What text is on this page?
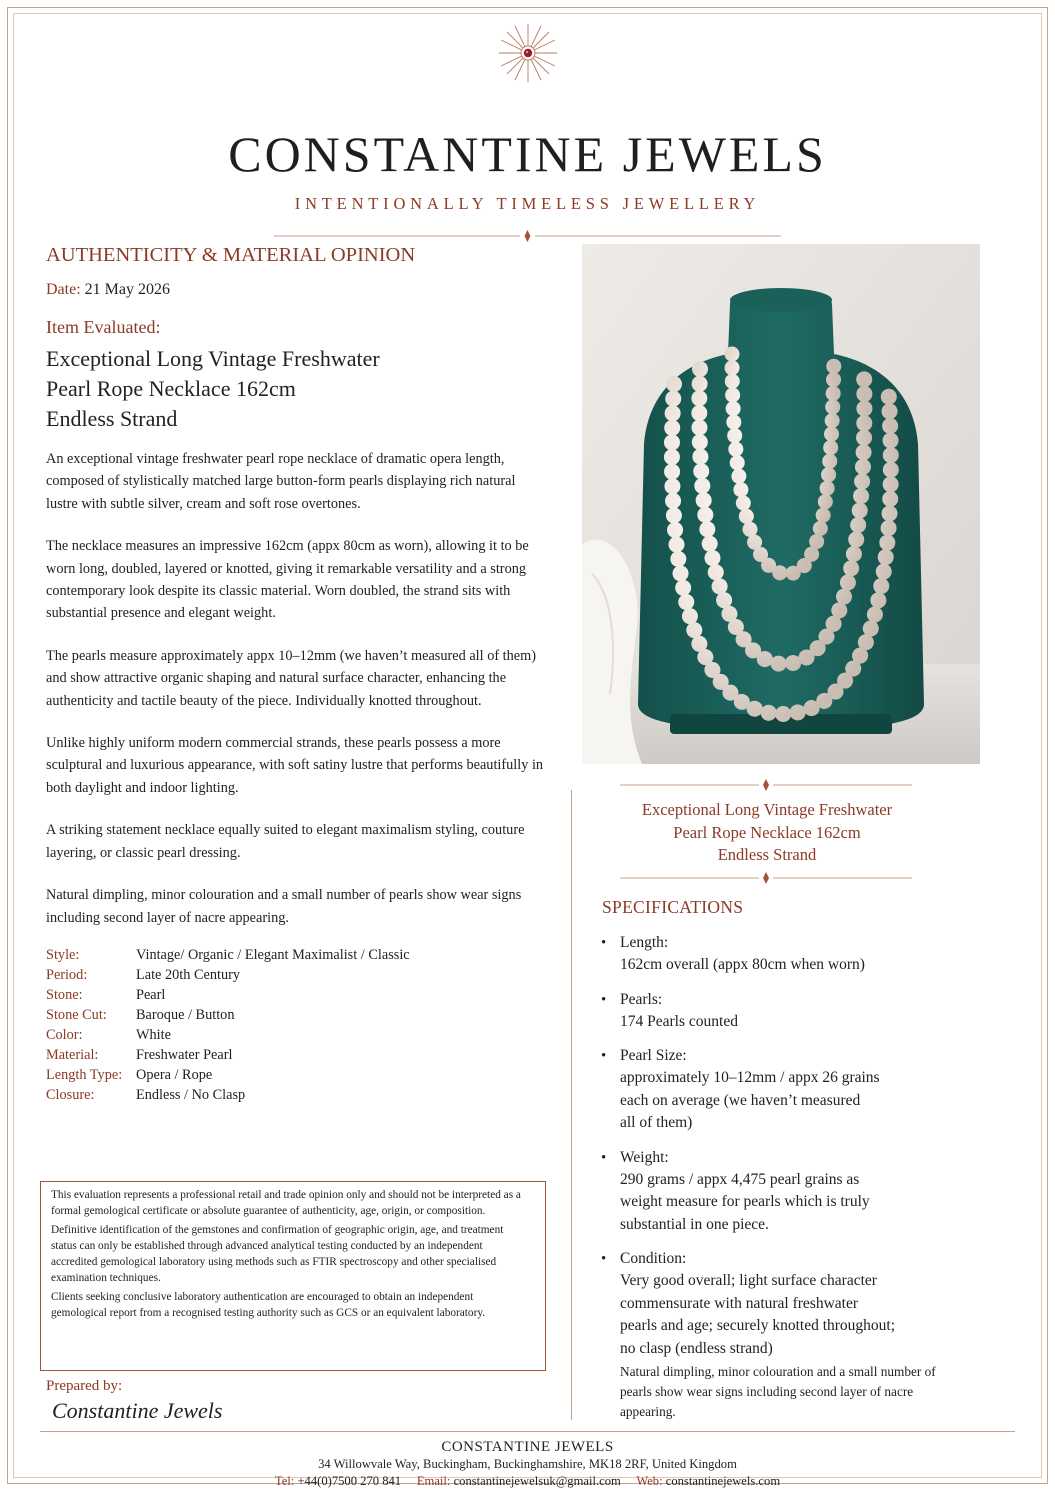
CONSTANTINE JEWELS
INTENTIONALLY TIMELESS JEWELLERY
AUTHENTICITY & MATERIAL OPINION
Date: 21 May 2026
Item Evaluated:
Exceptional Long Vintage Freshwater
Pearl Rope Necklace 162cm
Endless Strand

An exceptional vintage freshwater pearl rope necklace of dramatic opera length, composed of stylistically matched large button-form pearls displaying rich natural lustre with subtle silver, cream and soft rose overtones.

The necklace measures an impressive 162cm (appx 80cm as worn), allowing it to be worn long, doubled, layered or knotted, giving it remarkable versatility and a strong contemporary look despite its classic material. Worn doubled, the strand sits with substantial presence and elegant weight.

The pearls measure approximately appx 10–12mm (we haven’t measured all of them) and show attractive organic shaping and natural surface character, enhancing the authenticity and tactile beauty of the piece. Individually knotted throughout.

Unlike highly uniform modern commercial strands, these pearls possess a more sculptural and luxurious appearance, with soft satiny lustre that performs beautifully in both daylight and indoor lighting.

A striking statement necklace equally suited to elegant maximalism styling, couture layering, or classic pearl dressing.

Natural dimpling, minor colouration and a small number of pearls show wear signs including second layer of nacre appearing.

Style:	Vintage/ Organic / Elegant Maximalist / Classic
Period:	Late 20th Century
Stone:	Pearl
Stone Cut:	Baroque / Button
Color:	White
Material:	Freshwater Pearl
Length Type: Opera / Rope
Closure:	Endless / No Clasp

This evaluation represents a professional retail and trade opinion only and should not be interpreted as a formal gemological certificate or absolute guarantee of authenticity, age, origin, or composition.

Definitive identification of the gemstones and confirmation of geographic origin, age, and treatment status can only be established through advanced analytical testing conducted by an independent accredited gemological laboratory using methods such as FTIR spectroscopy and other specialised examination techniques.

Clients seeking conclusive laboratory authentication are encouraged to obtain an independent gemological report from a recognised testing authority such as GCS or an equivalent laboratory.

Prepared by:
Constantine Jewels
Exceptional Long Vintage Freshwater
Pearl Rope Necklace 162cm
Endless Strand
SPECIFICATIONS
• Length:
162cm overall (appx 80cm when worn)
• Pearls:
174 Pearls counted
• Pearl Size:
approximately 10–12mm / appx 26 grains
each on average (we haven’t measured
all of them)
• Weight:
290 grams / appx 4,475 pearl grains as
weight measure for pearls which is truly
substantial in one piece.
• Condition:
Very good overall; light surface character
commensurate with natural freshwater
pearls and age; securely knotted throughout;
no clasp (endless strand)
Natural dimpling, minor colouration and a small number of pearls show wear signs including second layer of nacre appearing.
CONSTANTINE JEWELS
34 Willowvale Way, Buckingham, Buckinghamshire, MK18 2RF, United Kingdom
Tel: +44(0)7500 270 841 Email: constantinejewelsuk@gmail.com Web: constantinejewels.com
